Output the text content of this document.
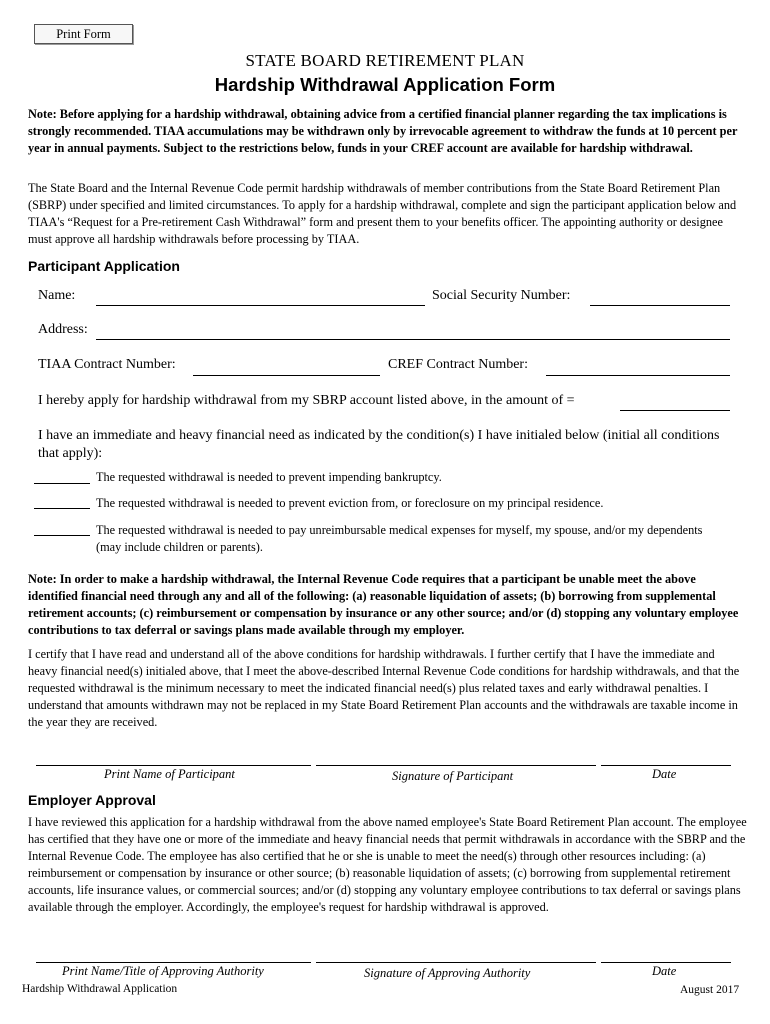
Print Form
STATE BOARD RETIREMENT PLAN
Hardship Withdrawal Application Form
Note: Before applying for a hardship withdrawal, obtaining advice from a certified financial planner regarding the tax implications is strongly recommended. TIAA accumulations may be withdrawn only by irrevocable agreement to withdraw the funds at 10 percent per year in annual payments. Subject to the restrictions below, funds in your CREF account are available for hardship withdrawal.
The State Board and the Internal Revenue Code permit hardship withdrawals of member contributions from the State Board Retirement Plan (SBRP) under specified and limited circumstances. To apply for a hardship withdrawal, complete and sign the participant application below and TIAA's “Request for a Pre-retirement Cash Withdrawal” form and present them to your benefits officer. The appointing authority or designee must approve all hardship withdrawals before processing by TIAA.
Participant Application
Name:	Social Security Number:
Address:
TIAA Contract Number:	CREF Contract Number:
I hereby apply for hardship withdrawal from my SBRP account listed above, in the amount of =
I have an immediate and heavy financial need as indicated by the condition(s) I have initialed below (initial all conditions that apply):
The requested withdrawal is needed to prevent impending bankruptcy.
The requested withdrawal is needed to prevent eviction from, or foreclosure on my principal residence.
The requested withdrawal is needed to pay unreimbursable medical expenses for myself, my spouse, and/or my dependents (may include children or parents).
Note: In order to make a hardship withdrawal, the Internal Revenue Code requires that a participant be unable meet the above identified financial need through any and all of the following: (a) reasonable liquidation of assets; (b) borrowing from supplemental retirement accounts; (c) reimbursement or compensation by insurance or any other source; and/or (d) stopping any voluntary employee contributions to tax deferral or savings plans made available through my employer.
I certify that I have read and understand all of the above conditions for hardship withdrawals. I further certify that I have the immediate and heavy financial need(s) initialed above, that I meet the above-described Internal Revenue Code conditions for hardship withdrawals, and that the requested withdrawal is the minimum necessary to meet the indicated financial need(s) plus related taxes and early withdrawal penalties. I understand that amounts withdrawn may not be replaced in my State Board Retirement Plan accounts and the withdrawals are taxable income in the year they are received.
Print Name of Participant	Signature of Participant	Date
Employer Approval
I have reviewed this application for a hardship withdrawal from the above named employee's State Board Retirement Plan account. The employee has certified that they have one or more of the immediate and heavy financial needs that permit withdrawals in accordance with the SBRP and the Internal Revenue Code. The employee has also certified that he or she is unable to meet the need(s) through other resources including: (a) reimbursement or compensation by insurance or other source; (b) reasonable liquidation of assets; (c) borrowing from supplemental retirement accounts, life insurance values, or commercial sources; and/or (d) stopping any voluntary employee contributions to tax deferral or savings plans available through the employer. Accordingly, the employee's request for hardship withdrawal is approved.
Print Name/Title of Approving Authority	Signature of Approving Authority	Date
Hardship Withdrawal Application	August 2017
